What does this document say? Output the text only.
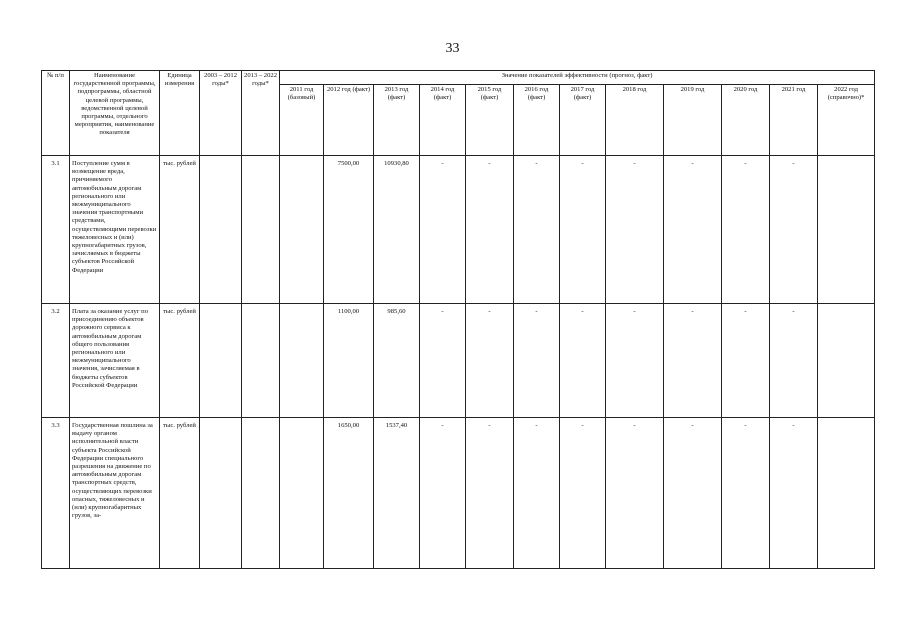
33
№ п/п	Наименование государственной программы, подпрограммы, областной целевой программы, ведомственной целевой программы, отдельного мероприятия, наименование показателя	Единица измерения	2003 – 2012 годы*	2013 – 2022 годы*	Значение показателей эффективности (прогноз, факт)											
					2011 год (базовый)	2012 год (факт)	2013 год (факт)	2014 год (факт)	2015 год (факт)	2016 год (факт)	2017 год (факт)	2018 год	2019 год	2020 год	2021 год	2022 год (справочно)*
3.1	Поступление сумм в возмещение вреда, причиняемого автомобильным дорогам регионального или межмуниципального значения транспортными средствами, осуществляющими перевозки тяжеловесных и (или) крупногабаритных грузов, зачисляемых в бюджеты субъектов Российской Федерации	тыс. рублей				7500,00	10930,80	-	-	-	-	-	-	-	-	
3.2	Плата за оказание услуг по присоединению объектов дорожного сервиса к автомобильным дорогам общего пользования регионального или межмуниципального значения, зачисляемая в бюджеты субъектов Российской Федерации	тыс. рублей				1100,00	985,60	-	-	-	-	-	-	-	-	
3.3	Государственная пошлина за выдачу органом исполнительной власти субъекта Российской Федерации специального разрешения на движение по автомобильным дорогам транспортных средств, осуществляющих перевозки опасных, тяжеловесных и (или) крупногабаритных грузов, за-	тыс. рублей				1650,00	1537,40	-	-	-	-	-	-	-	-	
